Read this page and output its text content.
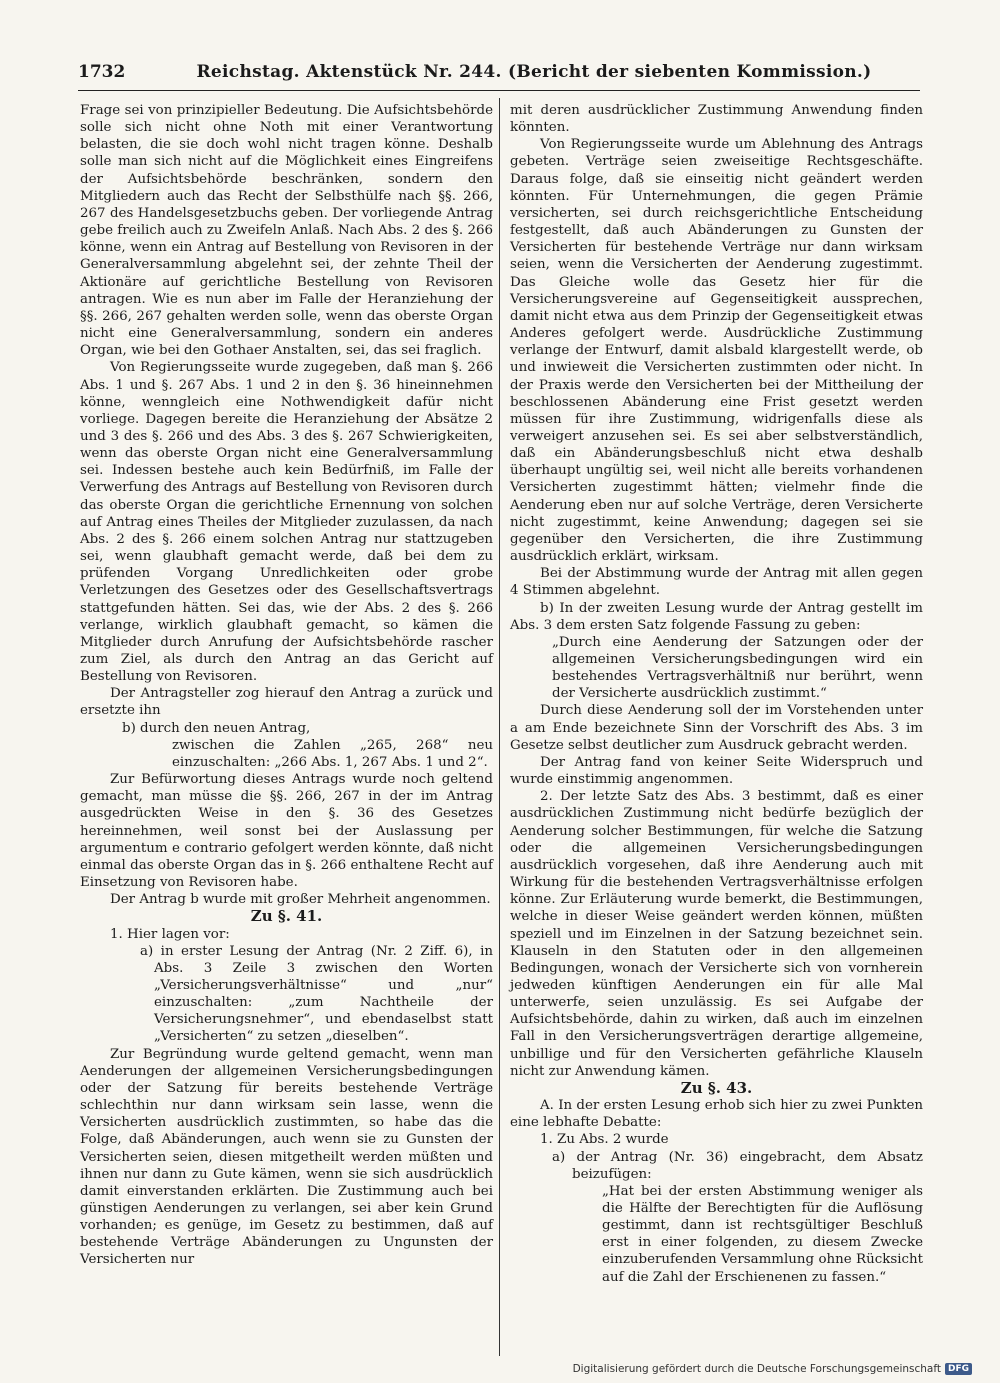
1732	Reichstag. Aktenstück Nr. 244. (Bericht der siebenten Kommission.)

Frage sei von prinzipieller Bedeutung. Die Aufsichtsbehörde solle sich nicht ohne Noth mit einer Verantwortung belasten, die sie doch wohl nicht tragen könne. Deshalb solle man sich nicht auf die Möglichkeit eines Eingreifens der Aufsichtsbehörde beschränken, sondern den Mitgliedern auch das Recht der Selbsthülfe nach §§. 266, 267 des Handelsgesetzbuchs geben. Der vorliegende Antrag gebe freilich auch zu Zweifeln Anlaß. Nach Abs. 2 des §. 266 könne, wenn ein Antrag auf Bestellung von Revisoren in der Generalversammlung abgelehnt sei, der zehnte Theil der Aktionäre auf gerichtliche Bestellung von Revisoren antragen. Wie es nun aber im Falle der Heranziehung der §§. 266, 267 gehalten werden solle, wenn das oberste Organ nicht eine Generalversammlung, sondern ein anderes Organ, wie bei den Gothaer Anstalten, sei, das sei fraglich.

Von Regierungsseite wurde zugegeben, daß man §. 266 Abs. 1 und §. 267 Abs. 1 und 2 in den §. 36 hineinnehmen könne, wenngleich eine Nothwendigkeit dafür nicht vorliege. Dagegen bereite die Heranziehung der Absätze 2 und 3 des §. 266 und des Abs. 3 des §. 267 Schwierigkeiten, wenn das oberste Organ nicht eine Generalversammlung sei. Indessen bestehe auch kein Bedürfniß, im Falle der Verwerfung des Antrags auf Bestellung von Revisoren durch das oberste Organ die gerichtliche Ernennung von solchen auf Antrag eines Theiles der Mitglieder zuzulassen, da nach Abs. 2 des §. 266 einem solchen Antrag nur stattzugeben sei, wenn glaubhaft gemacht werde, daß bei dem zu prüfenden Vorgang Unredlichkeiten oder grobe Verletzungen des Gesetzes oder des Gesellschaftsvertrags stattgefunden hätten. Sei das, wie der Abs. 2 des §. 266 verlange, wirklich glaubhaft gemacht, so kämen die Mitglieder durch Anrufung der Aufsichtsbehörde rascher zum Ziel, als durch den Antrag an das Gericht auf Bestellung von Revisoren.

Der Antragsteller zog hierauf den Antrag a zurück und ersetzte ihn

b) durch den neuen Antrag,

zwischen die Zahlen „265, 268“ neu einzuschalten: „266 Abs. 1, 267 Abs. 1 und 2“.

Zur Befürwortung dieses Antrags wurde noch geltend gemacht, man müsse die §§. 266, 267 in der im Antrag ausgedrückten Weise in den §. 36 des Gesetzes hereinnehmen, weil sonst bei der Auslassung per argumentum e contrario gefolgert werden könnte, daß nicht einmal das oberste Organ das in §. 266 enthaltene Recht auf Einsetzung von Revisoren habe.

Der Antrag b wurde mit großer Mehrheit angenommen.

Zu §. 41.

1. Hier lagen vor:

a) in erster Lesung der Antrag (Nr. 2 Ziff. 6), in Abs. 3 Zeile 3 zwischen den Worten „Versicherungsverhältnisse“ und „nur“ einzuschalten: „zum Nachtheile der Versicherungsnehmer“, und ebendaselbst statt „Versicherten“ zu setzen „dieselben“.

Zur Begründung wurde geltend gemacht, wenn man Aenderungen der allgemeinen Versicherungsbedingungen oder der Satzung für bereits bestehende Verträge schlechthin nur dann wirksam sein lasse, wenn die Versicherten ausdrücklich zustimmten, so habe das die Folge, daß Abänderungen, auch wenn sie zu Gunsten der Versicherten seien, diesen mitgetheilt werden müßten und ihnen nur dann zu Gute kämen, wenn sie sich ausdrücklich damit einverstanden erklärten. Die Zustimmung auch bei günstigen Aenderungen zu verlangen, sei aber kein Grund vorhanden; es genüge, im Gesetz zu bestimmen, daß auf bestehende Verträge Abänderungen zu Ungunsten der Versicherten nur

mit deren ausdrücklicher Zustimmung Anwendung finden könnten.

Von Regierungsseite wurde um Ablehnung des Antrags gebeten. Verträge seien zweiseitige Rechtsgeschäfte. Daraus folge, daß sie einseitig nicht geändert werden könnten. Für Unternehmungen, die gegen Prämie versicherten, sei durch reichsgerichtliche Entscheidung festgestellt, daß auch Abänderungen zu Gunsten der Versicherten für bestehende Verträge nur dann wirksam seien, wenn die Versicherten der Aenderung zugestimmt. Das Gleiche wolle das Gesetz hier für die Versicherungsvereine auf Gegenseitigkeit aussprechen, damit nicht etwa aus dem Prinzip der Gegenseitigkeit etwas Anderes gefolgert werde. Ausdrückliche Zustimmung verlange der Entwurf, damit alsbald klargestellt werde, ob und inwieweit die Versicherten zustimmten oder nicht. In der Praxis werde den Versicherten bei der Mittheilung der beschlossenen Abänderung eine Frist gesetzt werden müssen für ihre Zustimmung, widrigenfalls diese als verweigert anzusehen sei. Es sei aber selbstverständlich, daß ein Abänderungsbeschluß nicht etwa deshalb überhaupt ungültig sei, weil nicht alle bereits vorhandenen Versicherten zugestimmt hätten; vielmehr finde die Aenderung eben nur auf solche Verträge, deren Versicherte nicht zugestimmt, keine Anwendung; dagegen sei sie gegenüber den Versicherten, die ihre Zustimmung ausdrücklich erklärt, wirksam.

Bei der Abstimmung wurde der Antrag mit allen gegen 4 Stimmen abgelehnt.

b) In der zweiten Lesung wurde der Antrag gestellt im Abs. 3 dem ersten Satz folgende Fassung zu geben:

„Durch eine Aenderung der Satzungen oder der allgemeinen Versicherungsbedingungen wird ein bestehendes Vertragsverhältniß nur berührt, wenn der Versicherte ausdrücklich zustimmt.“

Durch diese Aenderung soll der im Vorstehenden unter a am Ende bezeichnete Sinn der Vorschrift des Abs. 3 im Gesetze selbst deutlicher zum Ausdruck gebracht werden.

Der Antrag fand von keiner Seite Widerspruch und wurde einstimmig angenommen.

2. Der letzte Satz des Abs. 3 bestimmt, daß es einer ausdrücklichen Zustimmung nicht bedürfe bezüglich der Aenderung solcher Bestimmungen, für welche die Satzung oder die allgemeinen Versicherungsbedingungen ausdrücklich vorgesehen, daß ihre Aenderung auch mit Wirkung für die bestehenden Vertragsverhältnisse erfolgen könne. Zur Erläuterung wurde bemerkt, die Bestimmungen, welche in dieser Weise geändert werden können, müßten speziell und im Einzelnen in der Satzung bezeichnet sein. Klauseln in den Statuten oder in den allgemeinen Bedingungen, wonach der Versicherte sich von vornherein jedweden künftigen Aenderungen ein für alle Mal unterwerfe, seien unzulässig. Es sei Aufgabe der Aufsichtsbehörde, dahin zu wirken, daß auch im einzelnen Fall in den Versicherungsverträgen derartige allgemeine, unbillige und für den Versicherten gefährliche Klauseln nicht zur Anwendung kämen.

Zu §. 43.

A. In der ersten Lesung erhob sich hier zu zwei Punkten eine lebhafte Debatte:

1. Zu Abs. 2 wurde

a) der Antrag (Nr. 36) eingebracht, dem Absatz beizufügen:

„Hat bei der ersten Abstimmung weniger als die Hälfte der Berechtigten für die Auflösung gestimmt, dann ist rechtsgültiger Beschluß erst in einer folgenden, zu diesem Zwecke einzuberufenden Versammlung ohne Rücksicht auf die Zahl der Erschienenen zu fassen.“

Digitalisierung gefördert durch die Deutsche Forschungsgemeinschaft DFG
